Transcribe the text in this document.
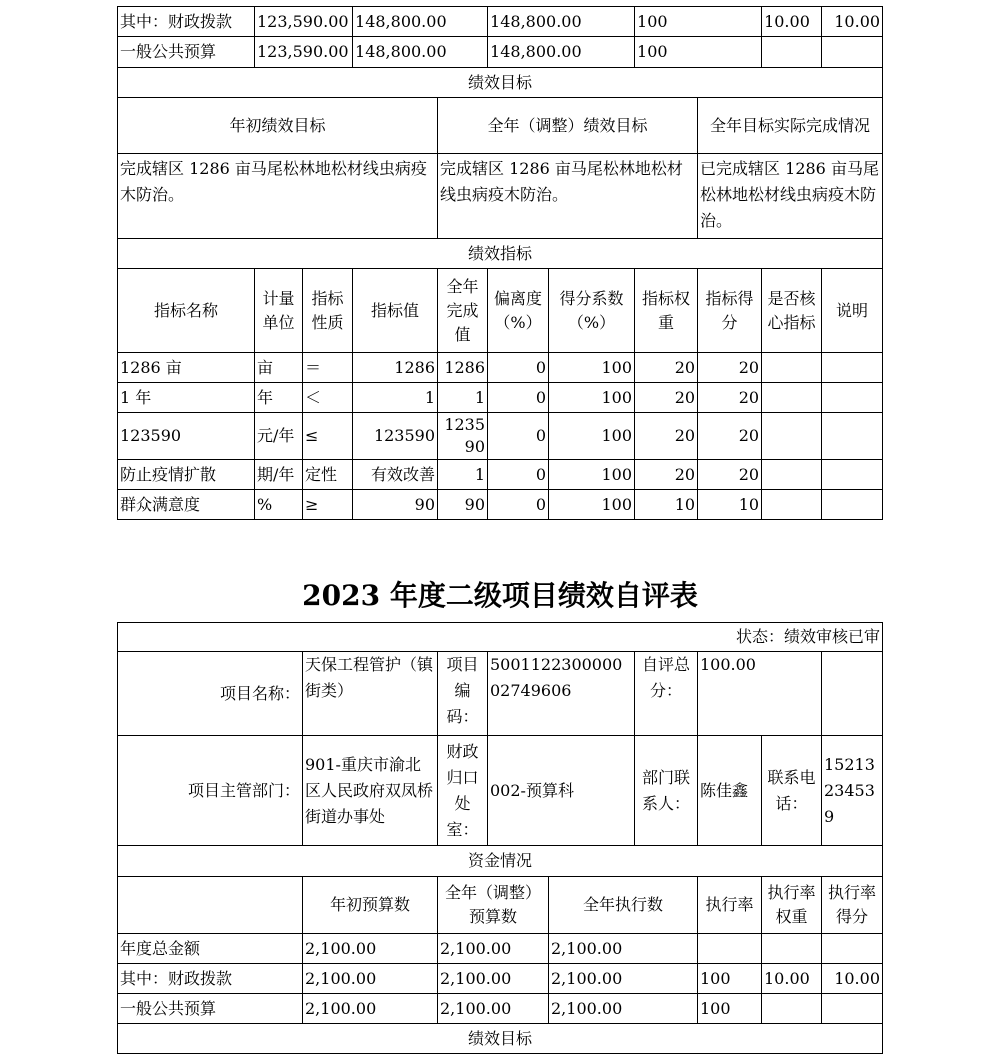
其中：财政拨款	123,590.00		148,800.00		148,800.00		100		10.00	10.00
一般公共预算	123,590.00		148,800.00		148,800.00		100			
绩效目标										
年初绩效目标				全年（调整）绩效目标				全年目标实际完成情况		
完成辖区 1286 亩马尾松林地松材线虫病疫木防治。				完成辖区 1286 亩马尾松林地松材线虫病疫木防治。				已完成辖区 1286 亩马尾松林地松材线虫病疫木防治。		
绩效指标										
指标名称	计量单位	指标性质	指标值	全年完成值	偏离度（%）	得分系数（%）	指标权重	指标得分	是否核心指标	说明
1286 亩	亩	＝	1286	1286	0	100	20	20		
1 年	年	＜	1	1	0	100	20	20		
123590	元/年	≤	123590	123590	0	100	20	20		
防止疫情扩散	期/年	定性	有效改善	1	0	100	20	20		
群众满意度	%	≥	90	90	0	100	10	10		
2023 年度二级项目绩效自评表
状态：绩效审核已审								
项目名称：	天保工程管护（镇街类）	项目编码：	500112230000002749606		自评总分：	100.00		
项目主管部门：	901-重庆市渝北区人民政府双凤桥街道办事处	财政归口处室：	002-预算科		部门联系人：	陈佳鑫	联系电话：	15213234539
资金情况								
	年初预算数	全年（调整）预算数		全年执行数		执行率	执行率权重	执行率得分
年度总金额	2,100.00	2,100.00		2,100.00				
其中：财政拨款	2,100.00	2,100.00		2,100.00		100	10.00	10.00
一般公共预算	2,100.00	2,100.00		2,100.00		100		
绩效目标								
